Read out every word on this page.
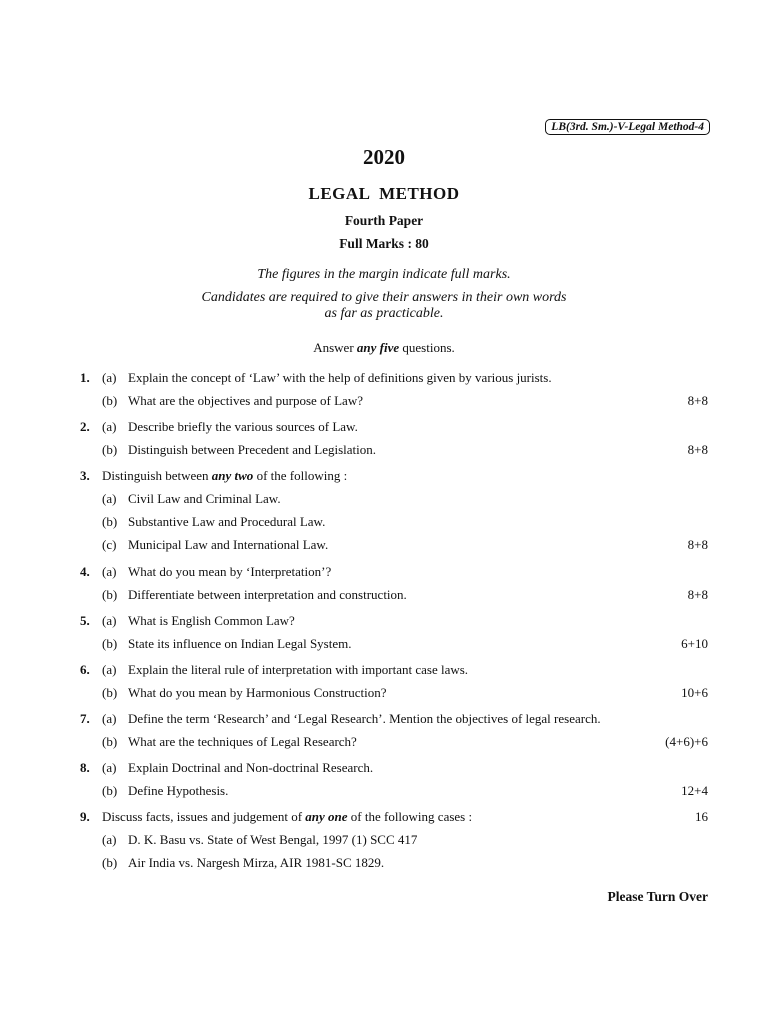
LB(3rd. Sm.)-V-Legal Method-4
2020
LEGAL  METHOD
Fourth Paper
Full Marks : 80
The figures in the margin indicate full marks.
Candidates are required to give their answers in their own words
as far as practicable.
Answer any five questions.
1. (a) Explain the concept of ‘Law’ with the help of definitions given by various jurists.
(b) What are the objectives and purpose of Law?	8+8
2. (a) Describe briefly the various sources of Law.
(b) Distinguish between Precedent and Legislation.	8+8
3. Distinguish between any two of the following :
(a) Civil Law and Criminal Law.
(b) Substantive Law and Procedural Law.
(c) Municipal Law and International Law.	8+8
4. (a) What do you mean by ‘Interpretation’?
(b) Differentiate between interpretation and construction.	8+8
5. (a) What is English Common Law?
(b) State its influence on Indian Legal System.	6+10
6. (a) Explain the literal rule of interpretation with important case laws.
(b) What do you mean by Harmonious Construction?	10+6
7. (a) Define the term ‘Research’ and ‘Legal Research’. Mention the objectives of legal research.
(b) What are the techniques of Legal Research?	(4+6)+6
8. (a) Explain Doctrinal and Non-doctrinal Research.
(b) Define Hypothesis.	12+4
9. Discuss facts, issues and judgement of any one of the following cases :	16
(a) D. K. Basu vs. State of West Bengal, 1997 (1) SCC 417
(b) Air India vs. Nargesh Mirza, AIR 1981-SC 1829.
Please Turn Over
